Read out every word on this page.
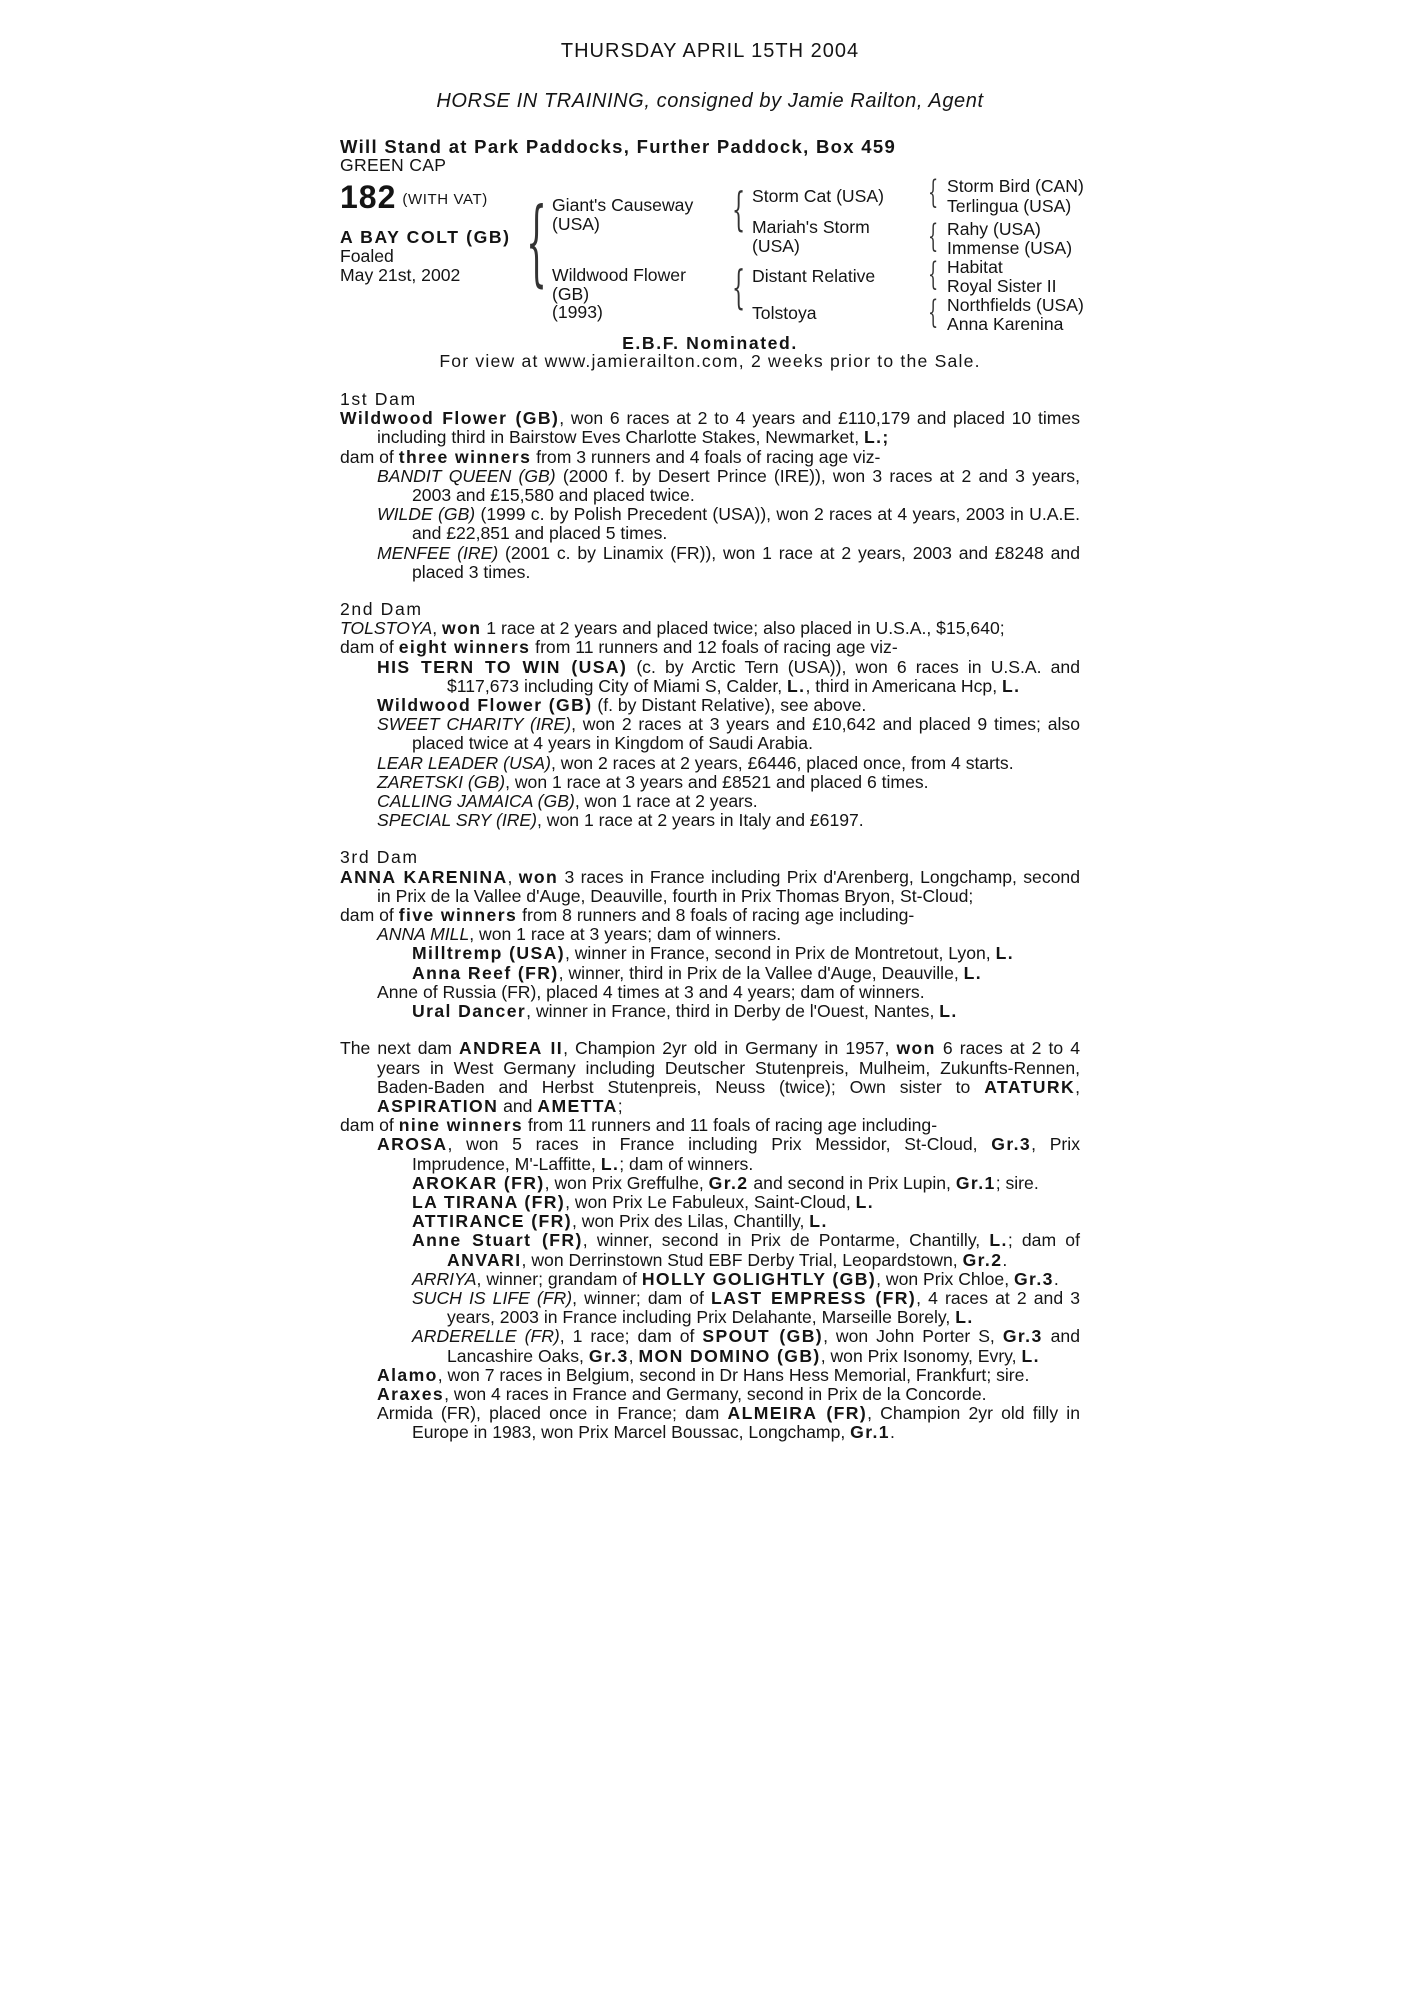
THURSDAY APRIL 15TH 2004
HORSE IN TRAINING, consigned by Jamie Railton, Agent
Will Stand at Park Paddocks, Further Paddock, Box 459
GREEN CAP
182 (WITH VAT)
A BAY COLT (GB)
Foaled
May 21st, 2002 { Giant's Causeway
(USA)
Wildwood Flower
(GB)
(1993)
{
{
Storm Cat (USA)
Mariah's Storm
(USA)
Distant Relative
Tolstoya
{
{
{
{
Storm Bird (CAN)
Terlingua (USA)
Rahy (USA)
Immense (USA)
Habitat
Royal Sister II
Northfields (USA)
Anna Karenina
E.B.F. Nominated.
For view at www.jamierailton.com, 2 weeks prior to the Sale.
1st Dam
Wildwood Flower (GB), won 6 races at 2 to 4 years and £110,179 and placed 10 times including third in Bairstow Eves Charlotte Stakes, Newmarket, L.;
dam of three winners from 3 runners and 4 foals of racing age viz-
BANDIT QUEEN (GB) (2000 f. by Desert Prince (IRE)), won 3 races at 2 and 3 years, 2003 and £15,580 and placed twice.
WILDE (GB) (1999 c. by Polish Precedent (USA)), won 2 races at 4 years, 2003 in U.A.E. and £22,851 and placed 5 times.
MENFEE (IRE) (2001 c. by Linamix (FR)), won 1 race at 2 years, 2003 and £8248 and placed 3 times.
2nd Dam
TOLSTOYA, won 1 race at 2 years and placed twice; also placed in U.S.A., $15,640;
dam of eight winners from 11 runners and 12 foals of racing age viz-
HIS TERN TO WIN (USA) (c. by Arctic Tern (USA)), won 6 races in U.S.A. and $117,673 including City of Miami S, Calder, L., third in Americana Hcp, L.
Wildwood Flower (GB) (f. by Distant Relative), see above.
SWEET CHARITY (IRE), won 2 races at 3 years and £10,642 and placed 9 times; also placed twice at 4 years in Kingdom of Saudi Arabia.
LEAR LEADER (USA), won 2 races at 2 years, £6446, placed once, from 4 starts.
ZARETSKI (GB), won 1 race at 3 years and £8521 and placed 6 times.
CALLING JAMAICA (GB), won 1 race at 2 years.
SPECIAL SRY (IRE), won 1 race at 2 years in Italy and £6197.
3rd Dam
ANNA KARENINA, won 3 races in France including Prix d'Arenberg, Longchamp, second in Prix de la Vallee d'Auge, Deauville, fourth in Prix Thomas Bryon, St-Cloud;
dam of five winners from 8 runners and 8 foals of racing age including-
ANNA MILL, won 1 race at 3 years; dam of winners.
Milltremp (USA), winner in France, second in Prix de Montretout, Lyon, L.
Anna Reef (FR), winner, third in Prix de la Vallee d'Auge, Deauville, L.
Anne of Russia (FR), placed 4 times at 3 and 4 years; dam of winners.
Ural Dancer, winner in France, third in Derby de l'Ouest, Nantes, L.
The next dam ANDREA II, Champion 2yr old in Germany in 1957, won 6 races at 2 to 4 years in West Germany including Deutscher Stutenpreis, Mulheim, Zukunfts-Rennen, Baden-Baden and Herbst Stutenpreis, Neuss (twice); Own sister to ATATURK, ASPIRATION and AMETTA;
dam of nine winners from 11 runners and 11 foals of racing age including-
AROSA, won 5 races in France including Prix Messidor, St-Cloud, Gr.3, Prix Imprudence, M'-Laffitte, L.; dam of winners.
AROKAR (FR), won Prix Greffulhe, Gr.2 and second in Prix Lupin, Gr.1; sire.
LA TIRANA (FR), won Prix Le Fabuleux, Saint-Cloud, L.
ATTIRANCE (FR), won Prix des Lilas, Chantilly, L.
Anne Stuart (FR), winner, second in Prix de Pontarme, Chantilly, L.; dam of ANVARI, won Derrinstown Stud EBF Derby Trial, Leopardstown, Gr.2.
ARRIYA, winner; grandam of HOLLY GOLIGHTLY (GB), won Prix Chloe, Gr.3.
SUCH IS LIFE (FR), winner; dam of LAST EMPRESS (FR), 4 races at 2 and 3 years, 2003 in France including Prix Delahante, Marseille Borely, L.
ARDERELLE (FR), 1 race; dam of SPOUT (GB), won John Porter S, Gr.3 and Lancashire Oaks, Gr.3, MON DOMINO (GB), won Prix Isonomy, Evry, L.
Alamo, won 7 races in Belgium, second in Dr Hans Hess Memorial, Frankfurt; sire.
Araxes, won 4 races in France and Germany, second in Prix de la Concorde.
Armida (FR), placed once in France; dam ALMEIRA (FR), Champion 2yr old filly in Europe in 1983, won Prix Marcel Boussac, Longchamp, Gr.1.
